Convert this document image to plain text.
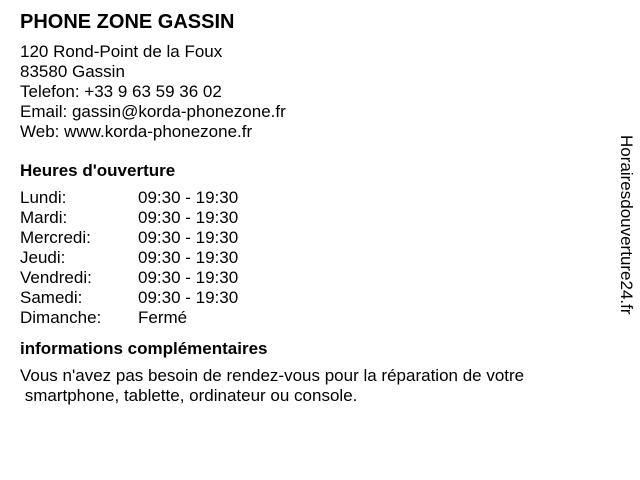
PHONE ZONE GASSIN
120 Rond-Point de la Foux
83580 Gassin
Telefon: +33 9 63 59 36 02
Email: gassin@korda-phonezone.fr
Web: www.korda-phonezone.fr
Heures d'ouverture
Lundi:	09:30 - 19:30
Mardi:	09:30 - 19:30
Mercredi:	09:30 - 19:30
Jeudi:	09:30 - 19:30
Vendredi:	09:30 - 19:30
Samedi:	09:30 - 19:30
Dimanche:	Fermé
informations complémentaires

Vous n'avez pas besoin de rendez-vous pour la réparation de votre
smartphone, tablette, ordinateur ou console.

Horairesdouverture24.fr
